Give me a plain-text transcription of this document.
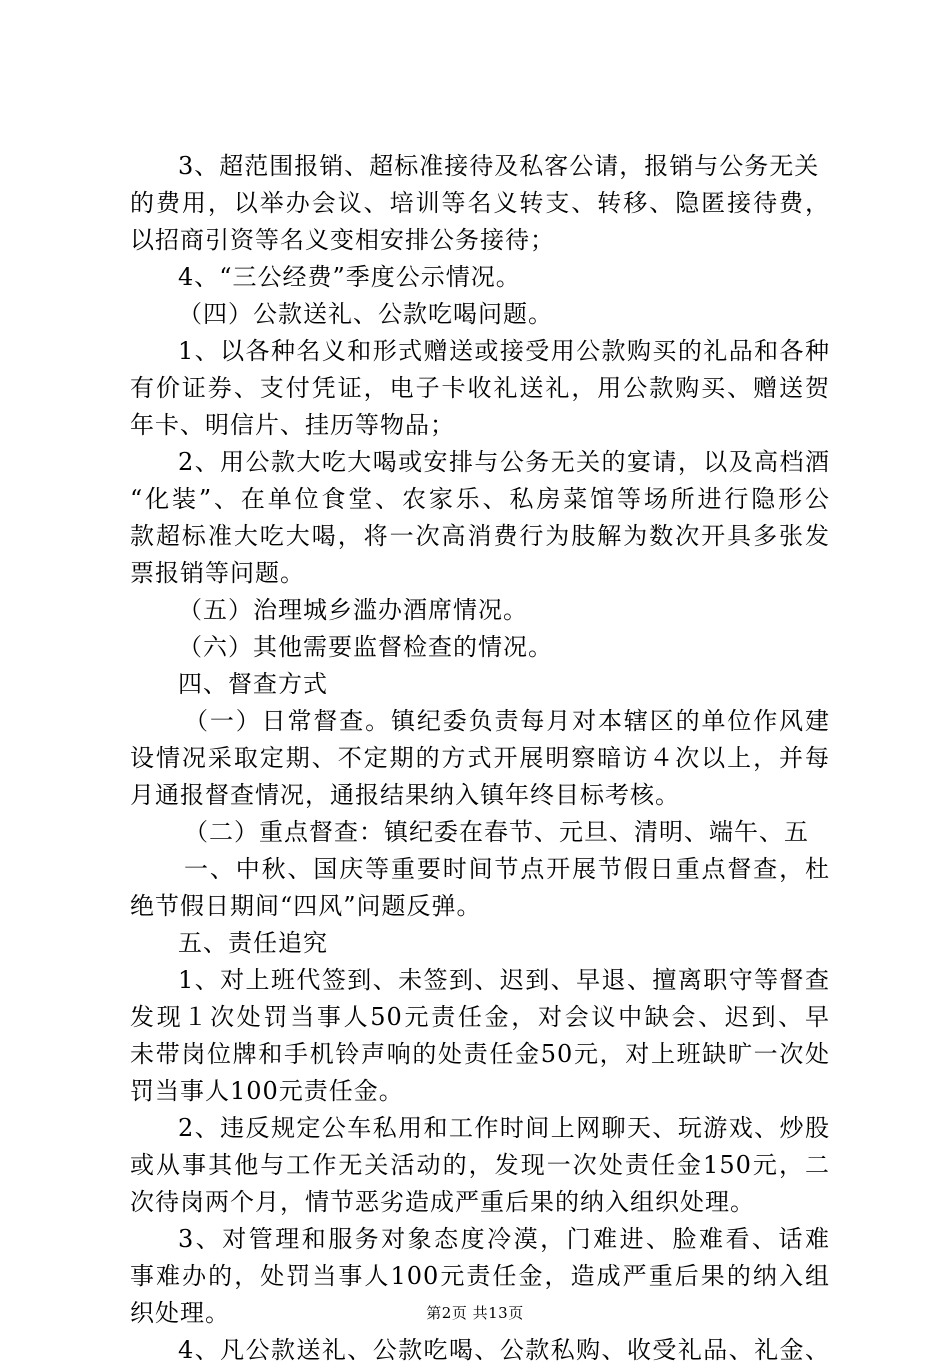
3、超范围报销、超标准接待及私客公请，报销与公务无关
的费用，以举办会议、培训等名义转支、转移、隐匿接待费，
以招商引资等名义变相安排公务接待；
4、“三公经费”季度公示情况。
（四）公款送礼、公款吃喝问题。
1、以各种名义和形式赠送或接受用公款购买的礼品和各种
有价证券、支付凭证，电子卡收礼送礼，用公款购买、赠送贺
年卡、明信片、挂历等物品；
2、用公款大吃大喝或安排与公务无关的宴请，以及高档酒
“化装”、在单位食堂、农家乐、私房菜馆等场所进行隐形公
款超标准大吃大喝，将一次高消费行为肢解为数次开具多张发
票报销等问题。
（五）治理城乡滥办酒席情况。
（六）其他需要监督检查的情况。
四、督查方式
（一）日常督查。镇纪委负责每月对本辖区的单位作风建
设情况采取定期、不定期的方式开展明察暗访４次以上，并每
月通报督查情况，通报结果纳入镇年终目标考核。
（二）重点督查：镇纪委在春节、元旦、清明、端午、五
一、中秋、国庆等重要时间节点开展节假日重点督查，杜
绝节假日期间“四风”问题反弹。
五、责任追究
1、对上班代签到、未签到、迟到、早退、擅离职守等督查
发现１次处罚当事人50元责任金，对会议中缺会、迟到、早
未带岗位牌和手机铃声响的处责任金50元，对上班缺旷一次处
罚当事人100元责任金。
2、违反规定公车私用和工作时间上网聊天、玩游戏、炒股
或从事其他与工作无关活动的，发现一次处责任金150元，二
次待岗两个月，情节恶劣造成严重后果的纳入组织处理。
3、对管理和服务对象态度冷漠，门难进、脸难看、话难
事难办的，处罚当事人100元责任金，造成严重后果的纳入组
织处理。
4、凡公款送礼、公款吃喝、公款私购、收受礼品、礼金、
第2页 共13页
